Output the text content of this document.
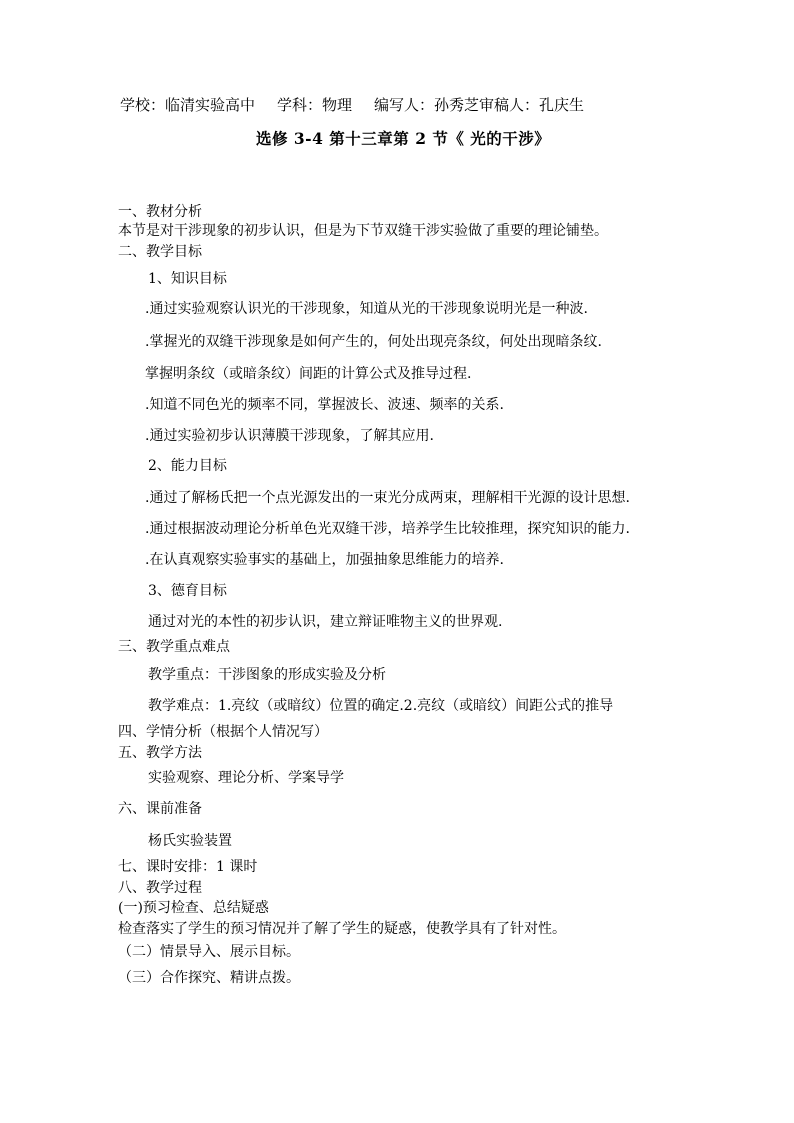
学校：临清实验高中 学科：物理 编写人：孙秀芝审稿人：孔庆生
选修 3-4 第十三章第 2 节《 光的干涉》
一、教材分析
本节是对干涉现象的初步认识，但是为下节双缝干涉实验做了重要的理论铺垫。
二、教学目标
1、知识目标
.通过实验观察认识光的干涉现象，知道从光的干涉现象说明光是一种波.
.掌握光的双缝干涉现象是如何产生的，何处出现亮条纹，何处出现暗条纹.
掌握明条纹（或暗条纹）间距的计算公式及推导过程.
.知道不同色光的频率不同，掌握波长、波速、频率的关系.
.通过实验初步认识薄膜干涉现象，了解其应用.
2、能力目标
.通过了解杨氏把一个点光源发出的一束光分成两束，理解相干光源的设计思想.
.通过根据波动理论分析单色光双缝干涉，培养学生比较推理，探究知识的能力.
.在认真观察实验事实的基础上，加强抽象思维能力的培养.
3、德育目标
通过对光的本性的初步认识，建立辩证唯物主义的世界观.
三、教学重点难点
教学重点：干涉图象的形成实验及分析
教学难点：1.亮纹（或暗纹）位置的确定.2.亮纹（或暗纹）间距公式的推导
四、学情分析（根据个人情况写）
五、教学方法
实验观察、理论分析、学案导学
六、课前准备
杨氏实验装置
七、课时安排：1 课时
八、教学过程
(一)预习检查、总结疑惑
检查落实了学生的预习情况并了解了学生的疑惑，使教学具有了针对性。
（二）情景导入、展示目标。
（三）合作探究、精讲点拨。
